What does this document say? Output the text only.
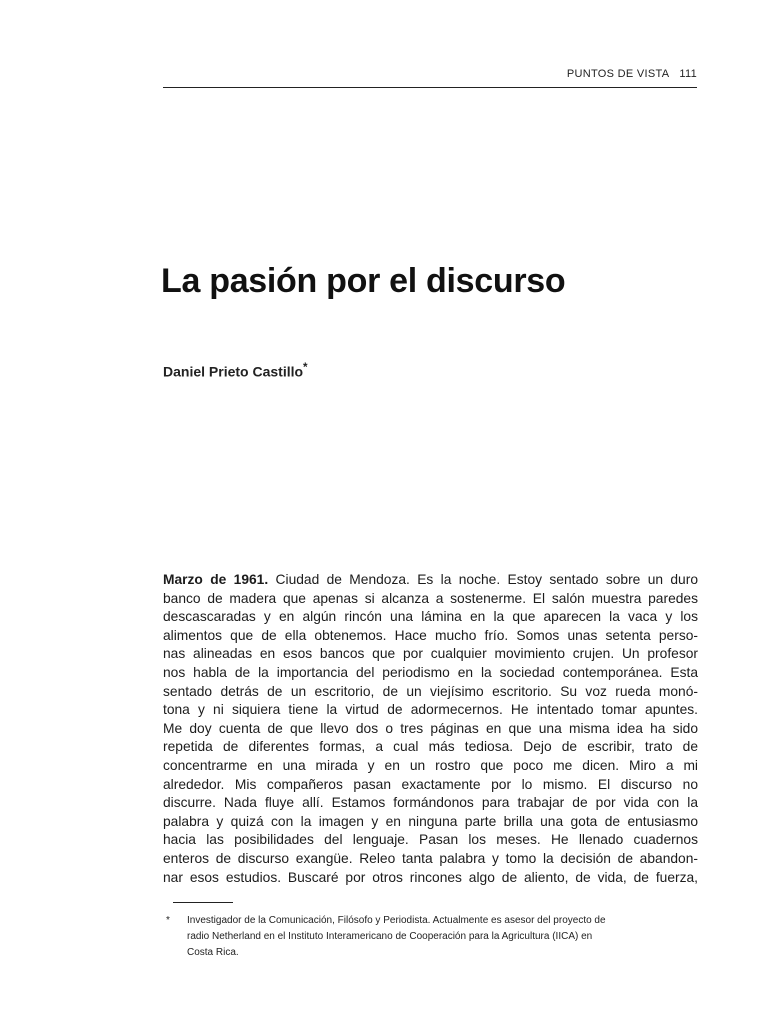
PUNTOS DE VISTA 111
La pasión por el discurso
Daniel Prieto Castillo*
Marzo de 1961. Ciudad de Mendoza. Es la noche. Estoy sentado sobre un duro
banco de madera que apenas si alcanza a sostenerme. El salón muestra paredes
descascaradas y en algún rincón una lámina en la que aparecen la vaca y los
alimentos que de ella obtenemos. Hace mucho frío. Somos unas setenta perso-
nas alineadas en esos bancos que por cualquier movimiento crujen. Un profesor
nos habla de la importancia del periodismo en la sociedad contemporánea. Esta
sentado detrás de un escritorio, de un viejísimo escritorio. Su voz rueda monó-
tona y ni siquiera tiene la virtud de adormecernos. He intentado tomar apuntes.
Me doy cuenta de que llevo dos o tres páginas en que una misma idea ha sido
repetida de diferentes formas, a cual más tediosa. Dejo de escribir, trato de
concentrarme en una mirada y en un rostro que poco me dicen. Miro a mi
alrededor. Mis compañeros pasan exactamente por lo mismo. El discurso no
discurre. Nada fluye allí. Estamos formándonos para trabajar de por vida con la
palabra y quizá con la imagen y en ninguna parte brilla una gota de entusiasmo
hacia las posibilidades del lenguaje. Pasan los meses. He llenado cuadernos
enteros de discurso exangüe. Releo tanta palabra y tomo la decisión de abandon-
nar esos estudios. Buscaré por otros rincones algo de aliento, de vida, de fuerza,
* Investigador de la Comunicación, Filósofo y Periodista. Actualmente es asesor del proyecto de
radio Netherland en el Instituto Interamericano de Cooperación para la Agricultura (IICA) en
Costa Rica.
